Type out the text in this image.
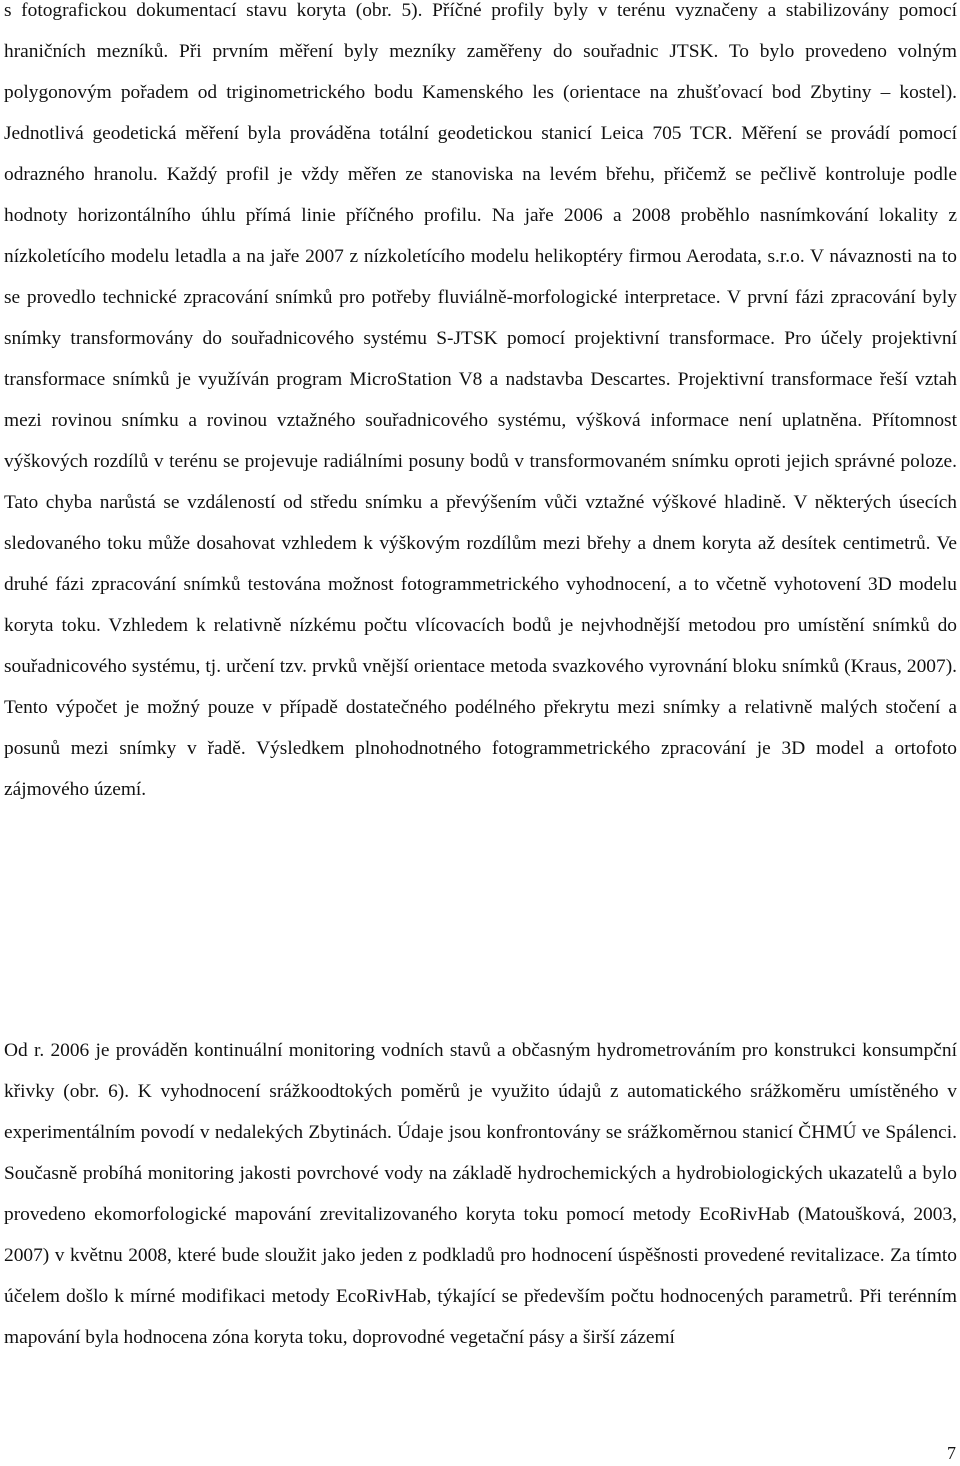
s fotografickou dokumentací stavu koryta (obr. 5). Příčné profily byly v terénu vyznačeny a stabilizovány pomocí hraničních mezníků. Při prvním měření byly mezníky zaměřeny do souřadnic JTSK. To bylo provedeno volným polygonovým pořadem od triginometrického bodu Kamenského les (orientace na zhušťovací bod Zbytiny – kostel). Jednotlivá geodetická měření byla prováděna totální geodetickou stanicí Leica 705 TCR. Měření se provádí pomocí odrazného hranolu. Každý profil je vždy měřen ze stanoviska na levém břehu, přičemž se pečlivě kontroluje podle hodnoty horizontálního úhlu přímá linie příčného profilu. Na jaře 2006 a 2008 proběhlo nasnímkování lokality z nízkoletícího modelu letadla a na jaře 2007 z nízkoletícího modelu helikoptéry firmou Aerodata, s.r.o. V návaznosti na to se provedlo technické zpracování snímků pro potřeby fluviálně-morfologické interpretace. V první fázi zpracování byly snímky transformovány do souřadnicového systému S-JTSK pomocí projektivní transformace. Pro účely projektivní transformace snímků je využíván program MicroStation V8 a nadstavba Descartes. Projektivní transformace řeší vztah mezi rovinou snímku a rovinou vztažného souřadnicového systému, výšková informace není uplatněna. Přítomnost výškových rozdílů v terénu se projevuje radiálními posuny bodů v transformovaném snímku oproti jejich správné poloze. Tato chyba narůstá se vzdáleností od středu snímku a převýšením vůči vztažné výškové hladině. V některých úsecích sledovaného toku může dosahovat vzhledem k výškovým rozdílům mezi břehy a dnem koryta až desítek centimetrů. Ve druhé fázi zpracování snímků testována možnost fotogrammetrického vyhodnocení, a to včetně vyhotovení 3D modelu koryta toku. Vzhledem k relativně nízkému počtu vlícovacích bodů je nejvhodnější metodou pro umístění snímků do souřadnicového systému, tj. určení tzv. prvků vnější orientace metoda svazkového vyrovnání bloku snímků (Kraus, 2007). Tento výpočet je možný pouze v případě dostatečného podélného překrytu mezi snímky a relativně malých stočení a posunů mezi snímky v řadě. Výsledkem plnohodnotného fotogrammetrického zpracování je 3D model a ortofoto zájmového území.

Od r. 2006 je prováděn kontinuální monitoring vodních stavů a občasným hydrometrováním pro konstrukci konsumpční křivky (obr. 6). K vyhodnocení srážkoodtokých poměrů je využito údajů z automatického srážkoměru umístěného v experimentálním povodí v nedalekých Zbytinách. Údaje jsou konfrontovány se srážkoměrnou stanicí ČHMÚ ve Spálenci. Současně probíhá monitoring jakosti povrchové vody na základě hydrochemických a hydrobiologických ukazatelů a bylo provedeno ekomorfologické mapování zrevitalizovaného koryta toku pomocí metody EcoRivHab (Matoušková, 2003, 2007) v květnu 2008, které bude sloužit jako jeden z podkladů pro hodnocení úspěšnosti provedené revitalizace. Za tímto účelem došlo k mírné modifikaci metody EcoRivHab, týkající se především počtu hodnocených parametrů. Při terénním mapování byla hodnocena zóna koryta toku, doprovodné vegetační pásy a širší zázemí

7
